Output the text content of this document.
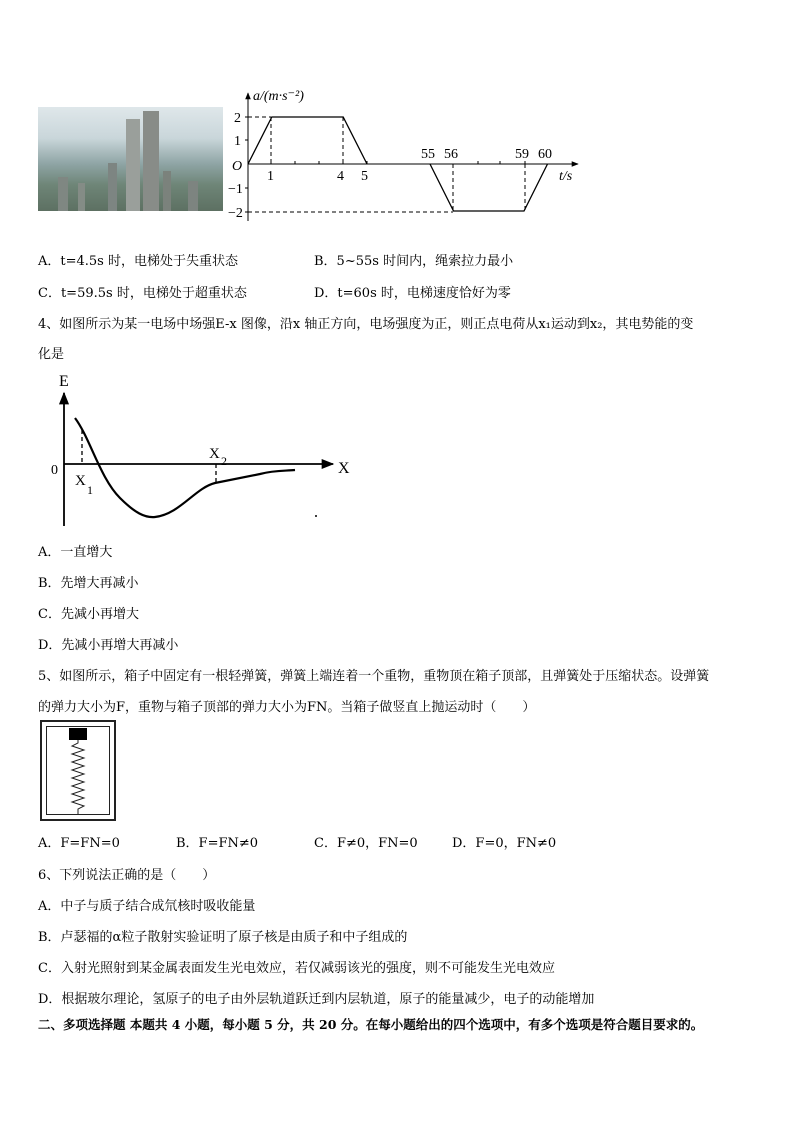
a/(m·s⁻²)
O
2
1
−1
−2
1	4 5
55 56	59 60
t/s
A．t=4.5s 时，电梯处于失重状态	B．5~55s 时间内，绳索拉力最小
C．t=59.5s 时，电梯处于超重状态	D．t=60s 时，电梯速度恰好为零
4、如图所示为某一电场中场强E-x 图像，沿x 轴正方向，电场强度为正，则正点电荷从x₁运动到x₂，其电势能的变
化是
E
0	X
X
1
X 2
A．一直增大
B．先增大再减小
C．先减小再增大
D．先减小再增大再减小
5、如图所示，箱子中固定有一根轻弹簧，弹簧上端连着一个重物，重物顶在箱子顶部，且弹簧处于压缩状态。设弹簧
的弹力大小为F，重物与箱子顶部的弹力大小为FN。当箱子做竖直上抛运动时（　　）
A．F=FN=0	B．F=FN≠0	C．F≠0，FN=0	D．F=0，FN≠0
6、下列说法正确的是（　　）
A．中子与质子结合成氘核时吸收能量
B．卢瑟福的α粒子散射实验证明了原子核是由质子和中子组成的
C．入射光照射到某金属表面发生光电效应，若仅减弱该光的强度，则不可能发生光电效应
D．根据玻尔理论，氢原子的电子由外层轨道跃迁到内层轨道，原子的能量减少，电子的动能增加
二、多项选择题 本题共 4 小题，每小题 5 分，共 20 分。在每小题给出的四个选项中，有多个选项是符合题目要求的。
